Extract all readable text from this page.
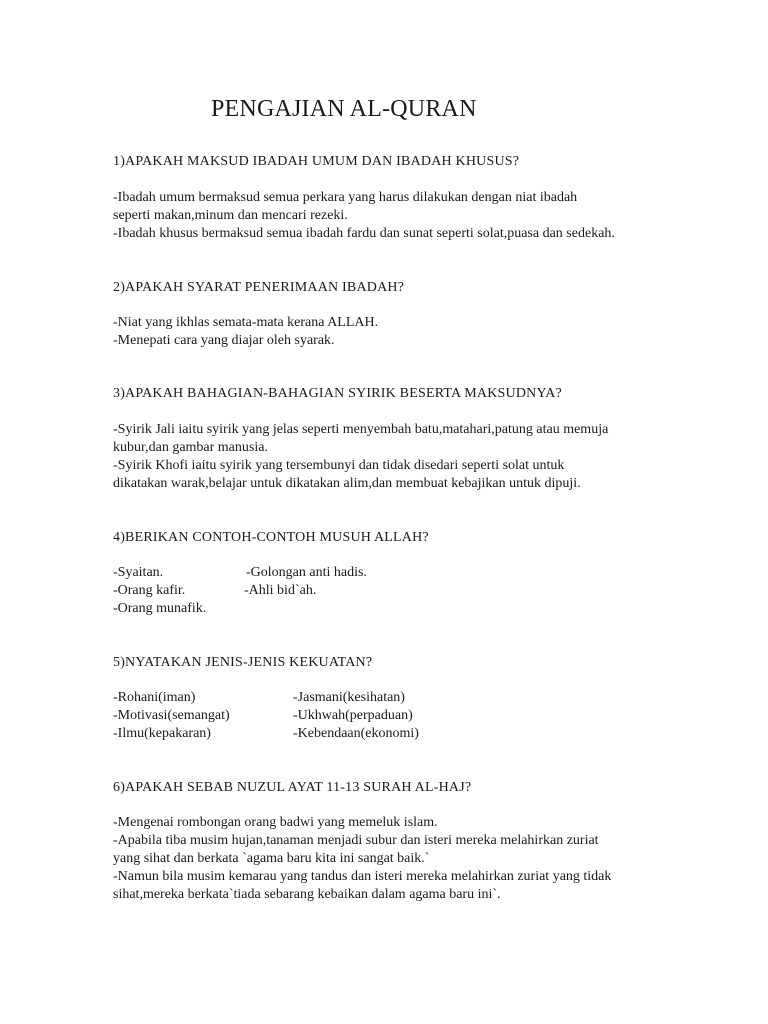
PENGAJIAN AL-QURAN
1)APAKAH MAKSUD IBADAH UMUM DAN IBADAH KHUSUS?
-Ibadah umum bermaksud semua perkara yang harus dilakukan dengan niat ibadah
seperti makan,minum dan mencari rezeki.
-Ibadah khusus bermaksud semua ibadah fardu dan sunat seperti solat,puasa dan sedekah.
2)APAKAH SYARAT PENERIMAAN IBADAH?
-Niat yang ikhlas semata-mata kerana ALLAH.
-Menepati cara yang diajar oleh syarak.
3)APAKAH BAHAGIAN-BAHAGIAN SYIRIK BESERTA MAKSUDNYA?
-Syirik Jali iaitu syirik yang jelas seperti menyembah batu,matahari,patung atau memuja
kubur,dan gambar manusia.
-Syirik Khofi iaitu syirik yang tersembunyi dan tidak disedari seperti solat untuk
dikatakan warak,belajar untuk dikatakan alim,dan membuat kebajikan untuk dipuji.
4)BERIKAN CONTOH-CONTOH MUSUH ALLAH?
-Syaitan.	-Golongan anti hadis.
-Orang kafir.	-Ahli bid`ah.
-Orang munafik.
5)NYATAKAN JENIS-JENIS KEKUATAN?
-Rohani(iman)	-Jasmani(kesihatan)
-Motivasi(semangat)	-Ukhwah(perpaduan)
-Ilmu(kepakaran)	-Kebendaan(ekonomi)
6)APAKAH SEBAB NUZUL AYAT 11-13 SURAH AL-HAJ?
-Mengenai rombongan orang badwi yang memeluk islam.
-Apabila tiba musim hujan,tanaman menjadi subur dan isteri mereka melahirkan zuriat
yang sihat dan berkata `agama baru kita ini sangat baik.`
-Namun bila musim kemarau yang tandus dan isteri mereka melahirkan zuriat yang tidak
sihat,mereka berkata`tiada sebarang kebaikan dalam agama baru ini`.
